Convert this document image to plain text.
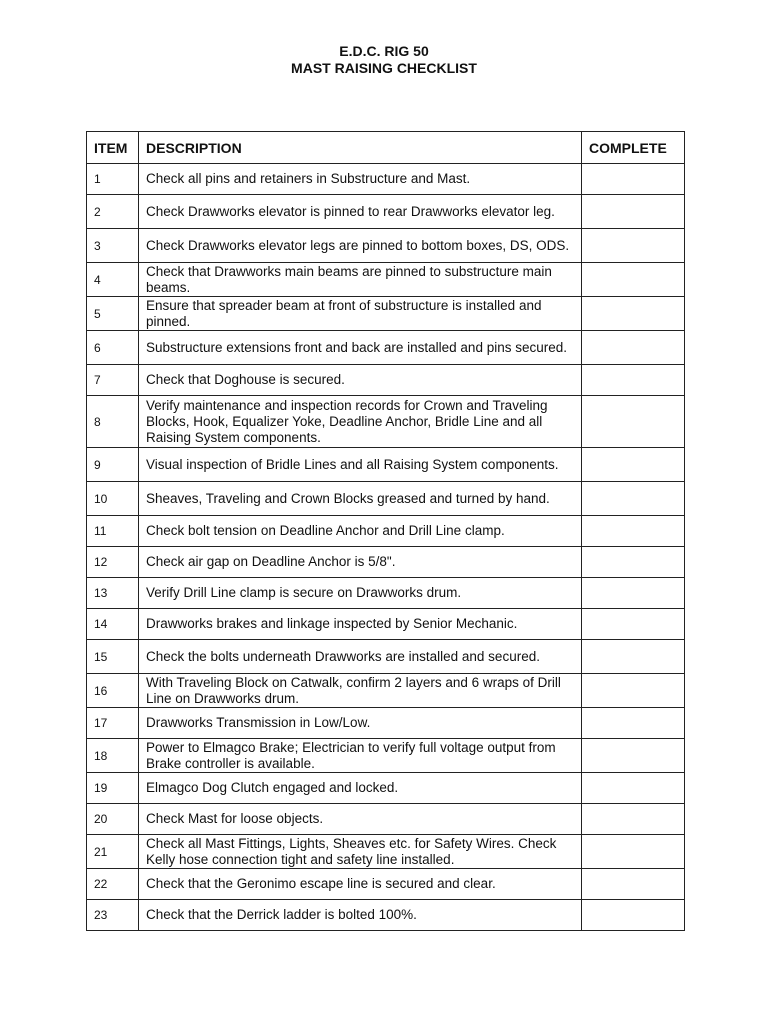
E.D.C. RIG 50
MAST RAISING CHECKLIST
ITEM	DESCRIPTION	COMPLETE
1	Check all pins and retainers in Substructure and Mast.	
2	Check Drawworks elevator is pinned to rear Drawworks elevator leg.	
3	Check Drawworks elevator legs are pinned to bottom boxes, DS, ODS.	
4	Check that Drawworks main beams are pinned to substructure main beams.	
5	Ensure that spreader beam at front of substructure is installed and pinned.	
6	Substructure extensions front and back are installed and pins secured.	
7	Check that Doghouse is secured.	
8	Verify maintenance and inspection records for Crown and Traveling Blocks, Hook, Equalizer Yoke, Deadline Anchor, Bridle Line and all Raising System components.	
9	Visual inspection of Bridle Lines and all Raising System components.	
10	Sheaves, Traveling and Crown Blocks greased and turned by hand.	
11	Check bolt tension on Deadline Anchor and Drill Line clamp.	
12	Check air gap on Deadline Anchor is 5/8".	
13	Verify Drill Line clamp is secure on Drawworks drum.	
14	Drawworks brakes and linkage inspected by Senior Mechanic.	
15	Check the bolts underneath Drawworks are installed and secured.	
16	With Traveling Block on Catwalk, confirm 2 layers and 6 wraps of Drill Line on Drawworks drum.	
17	Drawworks Transmission in Low/Low.	
18	Power to Elmagco Brake; Electrician to verify full voltage output from Brake controller is available.	
19	Elmagco Dog Clutch engaged and locked.	
20	Check Mast for loose objects.	
21	Check all Mast Fittings, Lights, Sheaves etc. for Safety Wires. Check Kelly hose connection tight and safety line installed.	
22	Check that the Geronimo escape line is secured and clear.	
23	Check that the Derrick ladder is bolted 100%.	
